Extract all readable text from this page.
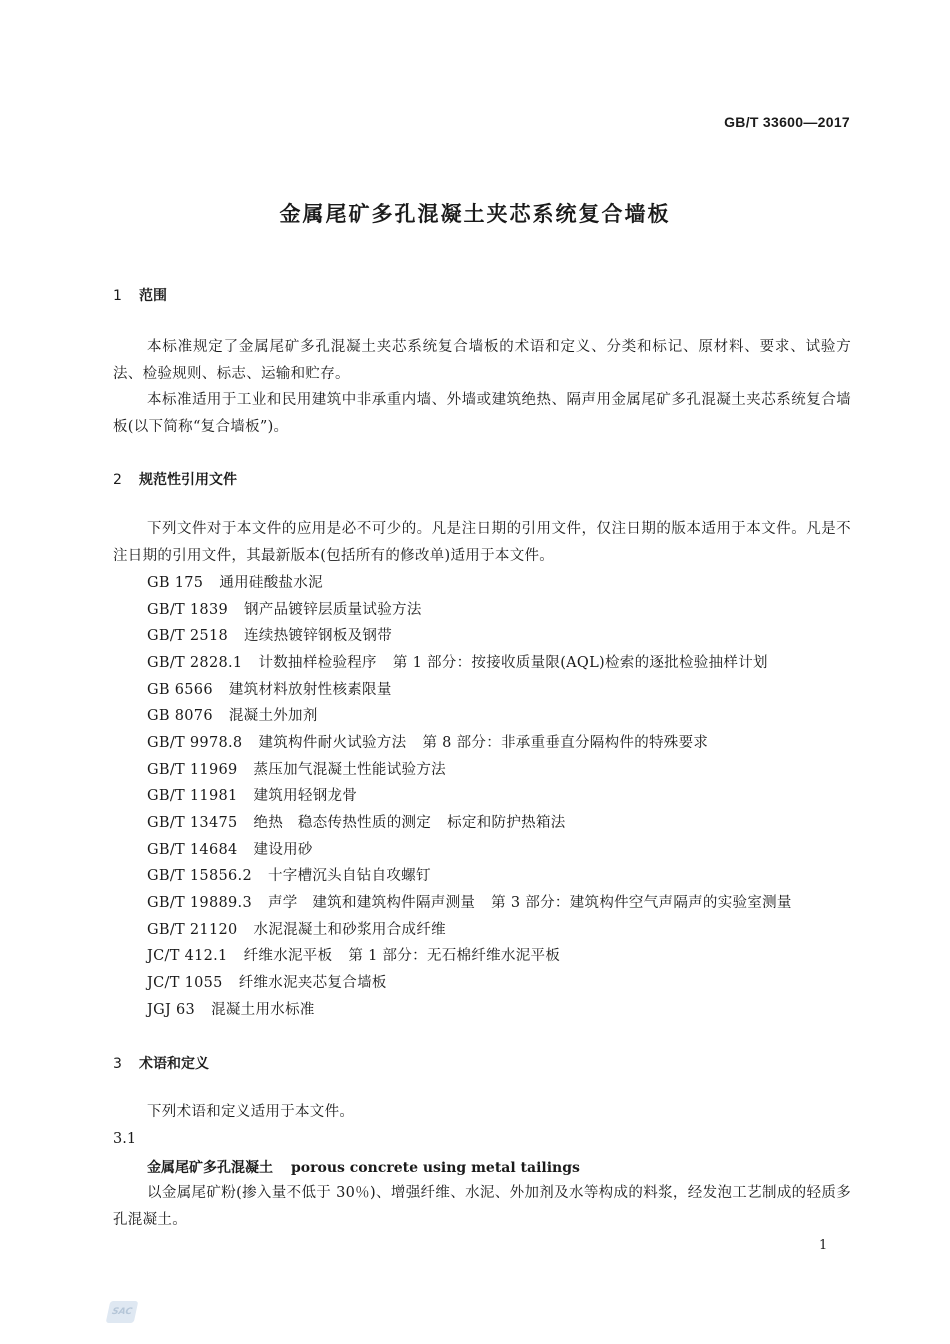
GB/T 33600—2017
金属尾矿多孔混凝土夹芯系统复合墙板
1 范围
本标准规定了金属尾矿多孔混凝土夹芯系统复合墙板的术语和定义、分类和标记、原材料、要求、试验方法、检验规则、标志、运输和贮存。
本标准适用于工业和民用建筑中非承重内墙、外墙或建筑绝热、隔声用金属尾矿多孔混凝土夹芯系统复合墙板(以下简称“复合墙板”)。
2 规范性引用文件
下列文件对于本文件的应用是必不可少的。凡是注日期的引用文件，仅注日期的版本适用于本文件。凡是不注日期的引用文件，其最新版本(包括所有的修改单)适用于本文件。
GB 175 通用硅酸盐水泥
GB/T 1839 钢产品镀锌层质量试验方法
GB/T 2518 连续热镀锌钢板及钢带
GB/T 2828.1 计数抽样检验程序 第 1 部分：按接收质量限(AQL)检索的逐批检验抽样计划
GB 6566 建筑材料放射性核素限量
GB 8076 混凝土外加剂
GB/T 9978.8 建筑构件耐火试验方法 第 8 部分：非承重垂直分隔构件的特殊要求
GB/T 11969 蒸压加气混凝土性能试验方法
GB/T 11981 建筑用轻钢龙骨
GB/T 13475 绝热　稳态传热性质的测定 标定和防护热箱法
GB/T 14684 建设用砂
GB/T 15856.2 十字槽沉头自钻自攻螺钉
GB/T 19889.3 声学　建筑和建筑构件隔声测量 第 3 部分：建筑构件空气声隔声的实验室测量
GB/T 21120 水泥混凝土和砂浆用合成纤维
JC/T 412.1 纤维水泥平板 第 1 部分：无石棉纤维水泥平板
JC/T 1055 纤维水泥夹芯复合墙板
JGJ 63 混凝土用水标准
3 术语和定义
下列术语和定义适用于本文件。
3.1
金属尾矿多孔混凝土 porous concrete using metal tailings
以金属尾矿粉(掺入量不低于 30％)、增强纤维、水泥、外加剂及水等构成的料浆，经发泡工艺制成的轻质多孔混凝土。
1
SAC
